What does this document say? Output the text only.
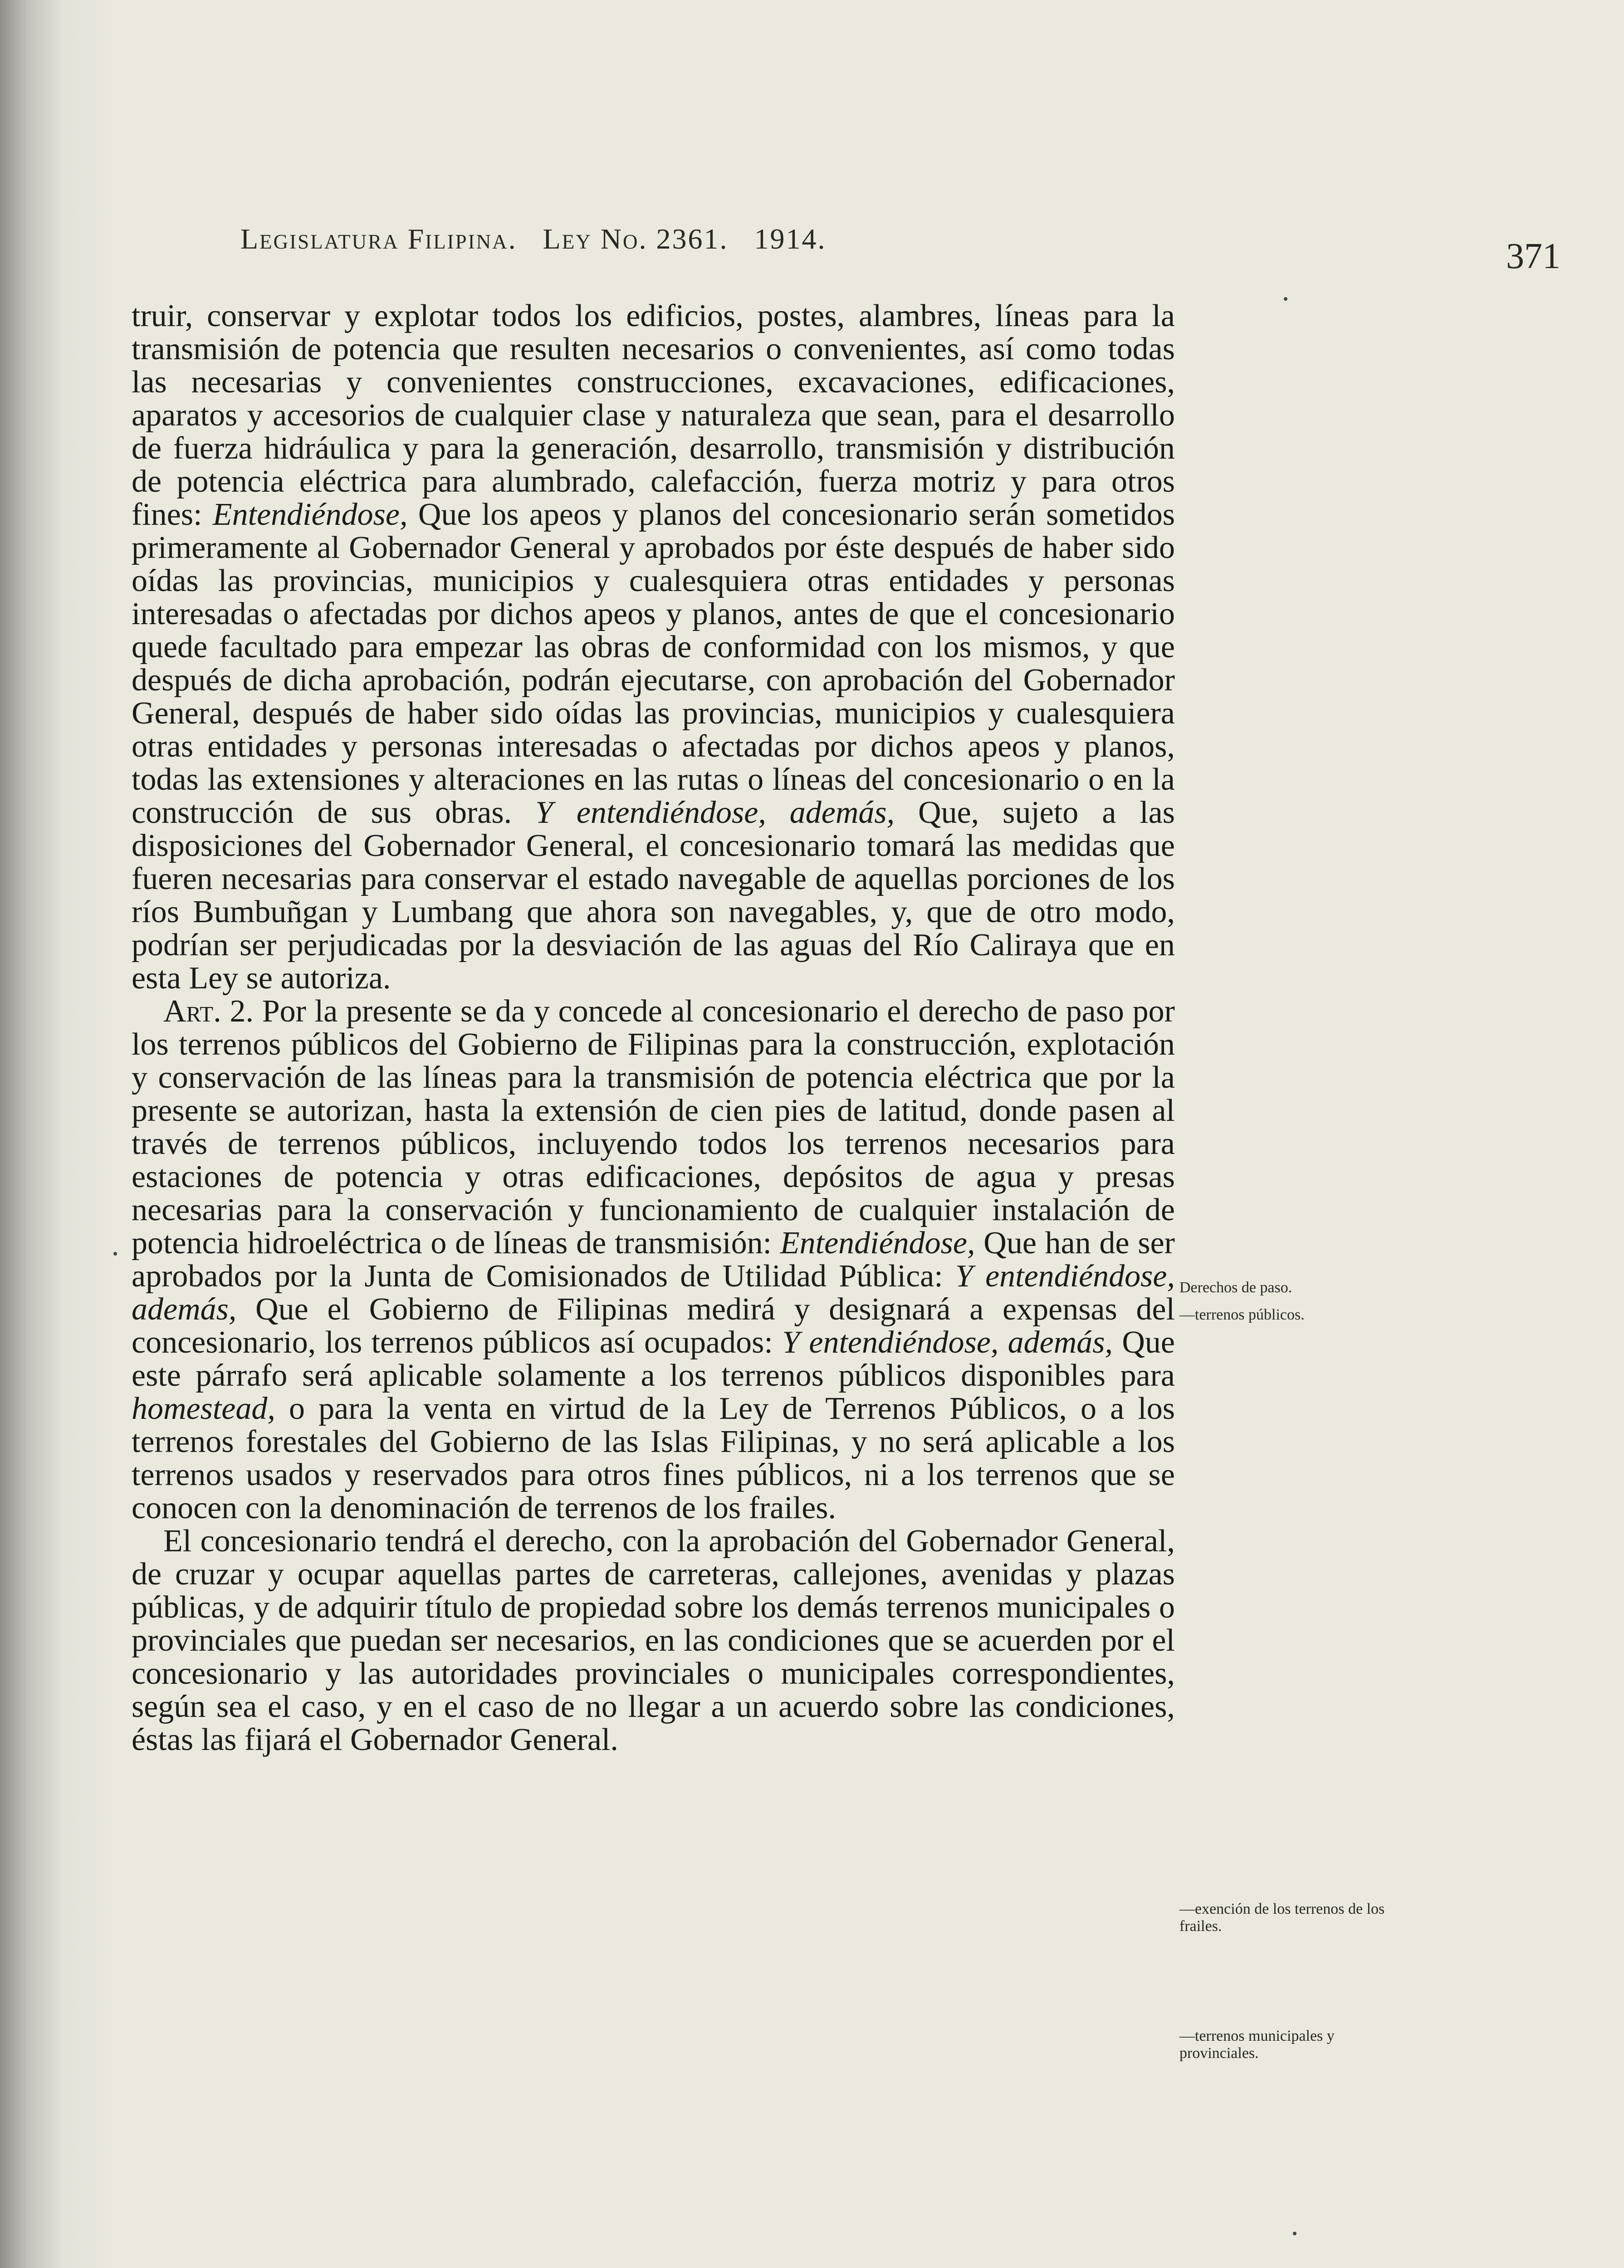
Legislatura Filipina. Ley No. 2361. 1914.	371

truir, conservar y explotar todos los edificios, postes, alambres, líneas para la transmisión de potencia que resulten necesarios o convenientes, así como todas las necesarias y convenientes construcciones, excavaciones, edificaciones, aparatos y accesorios de cualquier clase y naturaleza que sean, para el desarrollo de fuerza hidráulica y para la generación, desarrollo, transmisión y distribución de potencia eléctrica para alumbrado, calefacción, fuerza motriz y para otros fines: Entendiéndose, Que los apeos y planos del concesionario serán sometidos primeramente al Gobernador General y aprobados por éste después de haber sido oídas las provincias, municipios y cualesquiera otras entidades y personas interesadas o afectadas por dichos apeos y planos, antes de que el concesionario quede facultado para empezar las obras de conformidad con los mismos, y que después de dicha aprobación, podrán ejecutarse, con aprobación del Gobernador General, después de haber sido oídas las provincias, municipios y cualesquiera otras entidades y personas interesadas o afectadas por dichos apeos y planos, todas las extensiones y alteraciones en las rutas o líneas del concesionario o en la construcción de sus obras. Y entendiéndose, además, Que, sujeto a las disposiciones del Gobernador General, el concesionario tomará las medidas que fueren necesarias para conservar el estado navegable de aquellas porciones de los ríos Bumbuñgan y Lumbang que ahora son navegables, y, que de otro modo, podrían ser perjudicadas por la desviación de las aguas del Río Caliraya que en esta Ley se autoriza.

Art. 2. Por la presente se da y concede al concesionario el derecho de paso por los terrenos públicos del Gobierno de Filipinas para la construcción, explotación y conservación de las líneas para la transmisión de potencia eléctrica que por la presente se autorizan, hasta la extensión de cien pies de latitud, donde pasen al través de terrenos públicos, incluyendo todos los terrenos necesarios para estaciones de potencia y otras edificaciones, depósitos de agua y presas necesarias para la conservación y funcionamiento de cualquier instalación de potencia hidroeléctrica o de líneas de transmisión: Entendiéndose, Que han de ser aprobados por la Junta de Comisionados de Utilidad Pública: Y entendiéndose, además, Que el Gobierno de Filipinas medirá y designará a expensas del concesionario, los terrenos públicos así ocupados: Y entendiéndose, además, Que este párrafo será aplicable solamente a los terrenos públicos disponibles para homestead, o para la venta en virtud de la Ley de Terrenos Públicos, o a los terrenos forestales del Gobierno de las Islas Filipinas, y no será aplicable a los terrenos usados y reservados para otros fines públicos, ni a los terrenos que se conocen con la denominación de terrenos de los frailes.

El concesionario tendrá el derecho, con la aprobación del Gobernador General, de cruzar y ocupar aquellas partes de carreteras, callejones, avenidas y plazas públicas, y de adquirir título de propiedad sobre los demás terrenos municipales o provinciales que puedan ser necesarios, en las condiciones que se acuerden por el concesionario y las autoridades provinciales o municipales correspondientes, según sea el caso, y en el caso de no llegar a un acuerdo sobre las condiciones, éstas las fijará el Gobernador General.

Derechos de paso.
—terrenos públicos.
—exención de los terrenos de los frailes.
—terrenos municipales y provinciales.
